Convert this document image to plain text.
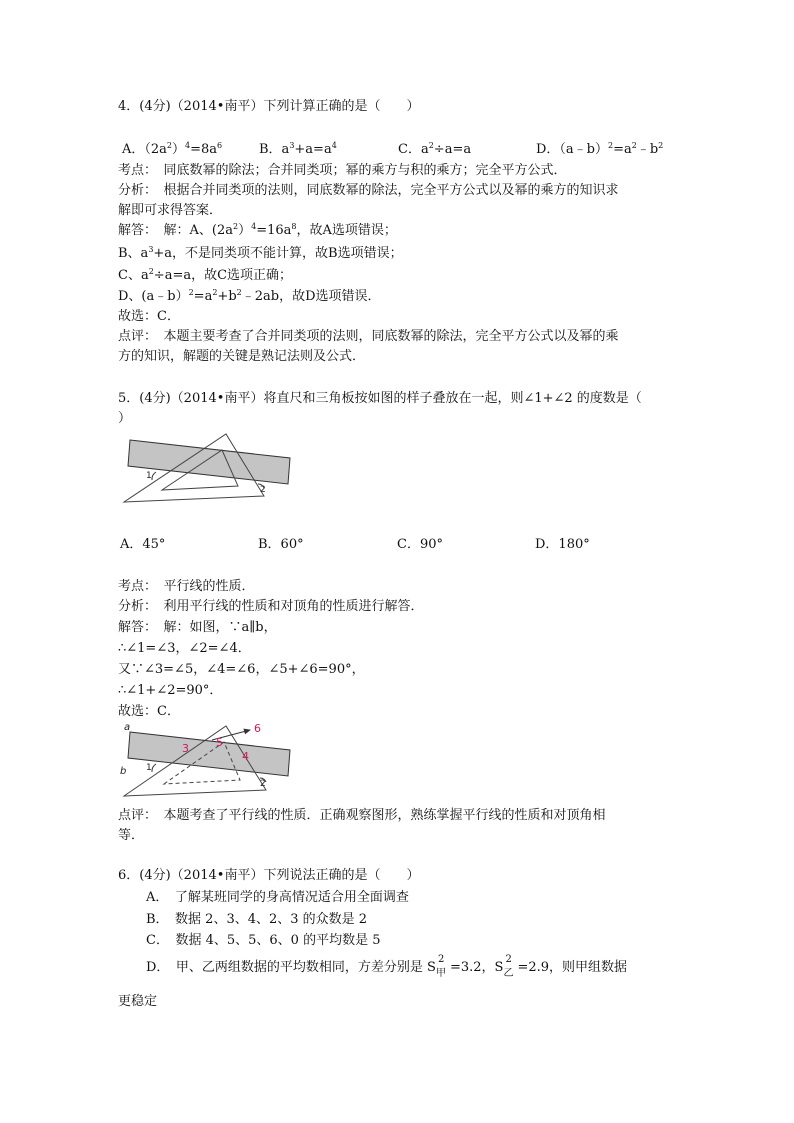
4．(4分)（2014•南平）下列计算正确的是（　　）
A．$(2a^2)^4=8a^6$	B．$a^3+a=a^4$	C．$a^2\div a=a$	D．$(a﹣b)^2=a^2﹣b^2$
考点：　同底数幂的除法；合并同类项；幂的乘方与积的乘方；完全平方公式．
分析：　根据合并同类项的法则，同底数幂的除法，完全平方公式以及幂的乘方的知识求
解即可求得答案．
解答：　解：A、$(2a^2)^4=16a^8$，故A选项错误；
B、$a^3+a$，不是同类项不能计算，故B选项错误；
C、$a^2\div a=a$，故C选项正确；
D、$(a﹣b)^2=a^2+b^2﹣2ab$，故D选项错误．
故选：C．
点评：　本题主要考查了合并同类项的法则，同底数幂的除法，完全平方公式以及幂的乘
方的知识，解题的关键是熟记法则及公式．
5．(4分)（2014•南平）将直尺和三角板按如图的样子叠放在一起，则∠1+∠2 的度数是（
）
1
2
A．45°	B．60°	C．90°	D．180°
考点：　平行线的性质．
分析：　利用平行线的性质和对顶角的性质进行解答．
解答：　解：如图，∵a∥b，
∴∠1=∠3，∠2=∠4．
又∵∠3=∠5，∠4=∠6，∠5+∠6=90°，
∴∠1+∠2=90°．
故选：C．
a
b 1
2
3
4
5
6
点评：　本题考查了平行线的性质．正确观察图形，熟练掌握平行线的性质和对顶角相
等．
6．(4分)（2014•南平）下列说法正确的是（　　）
A．　了解某班同学的身高情况适合用全面调查
B．　数据 2、3、4、2、3 的众数是 2
C．　数据 4、5、5、6、0 的平均数是 5
D．　甲、乙两组数据的平均数相同，方差分别是 S
2
甲 =3.2，S
2
乙 =2.9，则甲组数据
更稳定
